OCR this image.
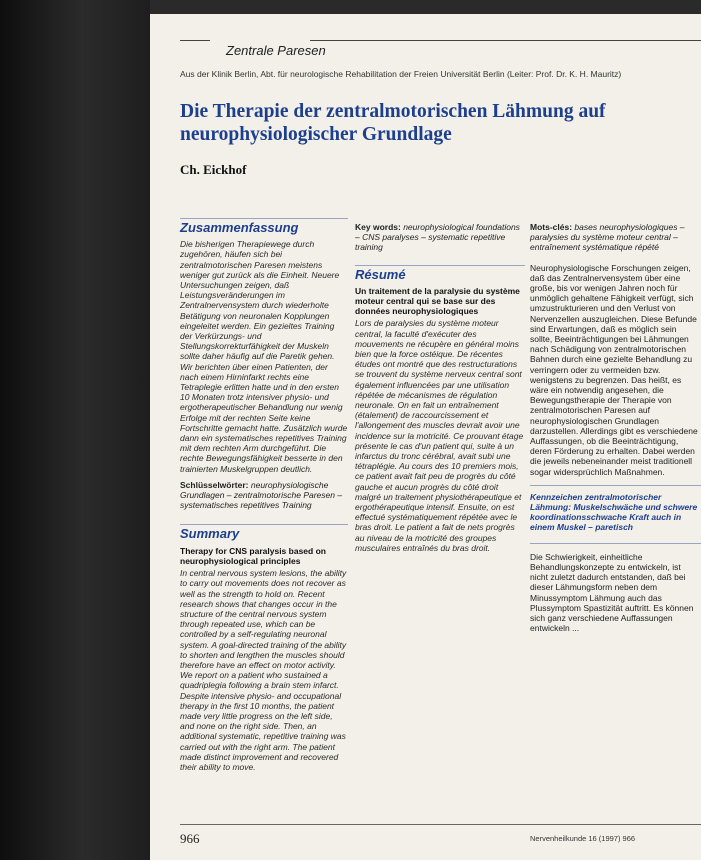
Zentrale Paresen
Aus der Klinik Berlin, Abt. für neurologische Rehabilitation der Freien Universität Berlin (Leiter: Prof. Dr. K. H. Mauritz)
Die Therapie der zentralmotorischen Lähmung auf neurophysiologischer Grundlage
Ch. Eickhof
Zusammenfassung

Die bisherigen Therapiewege durch zugehören, häufen sich bei zentralmotorischen Paresen meistens weniger gut zurück als die Einheit. Neuere Untersuchungen zeigen, daß Leistungsveränderungen im Zentralnervensystem durch wiederholte Betätigung von neuronalen Kopplungen eingeleitet werden. Ein gezieltes Training der Verkürzungs- und Stellungskorrekturfähigkeit der Muskeln sollte daher häufig auf die Paretik gehen. Wir berichten über einen Patienten, der nach einem Hirninfarkt rechts eine Tetraplegie erlitten hatte und in den ersten 10 Monaten trotz intensiver physio- und ergotherapeutischer Behandlung nur wenig Erfolge mit der rechten Seite keine Fortschritte gemacht hatte. Zusätzlich wurde dann ein systematisches repetitives Training mit dem rechten Arm durchgeführt. Die rechte Bewegungsfähigkeit besserte in den trainierten Muskelgruppen deutlich.

Schlüsselwörter: neurophysiologische Grundlagen – zentralmotorische Paresen – systematisches repetitives Training

Summary

Therapy for CNS paralysis based on neurophysiological principles

In central nervous system lesions, the ability to carry out movements does not recover as well as the strength to hold on. Recent research shows that changes occur in the structure of the central nervous system through repeated use, which can be controlled by a self-regulating neuronal system. A goal-directed training of the ability to shorten and lengthen the muscles should therefore have an effect on motor activity. We report on a patient who sustained a quadriplegia following a brain stem infarct. Despite intensive physio- and occupational therapy in the first 10 months, the patient made very little progress on the left side, and none on the right side. Then, an additional systematic, repetitive training was carried out with the right arm. The patient made distinct improvement and recovered their ability to move.

Key words: neurophysiological foundations – CNS paralyses – systematic repetitive training

Résumé

Un traitement de la paralysie du système moteur central qui se base sur des données neurophysiologiques

Lors de paralysies du système moteur central, la faculté d'exécuter des mouvements ne récupère en général moins bien que la force ostéique. De récentes études ont montré que des restructurations se trouvent du système nerveux central sont également influencées par une utilisation répétée de mécanismes de régulation neuronale. On en fait un entraînement (étalement) de raccourcissement et l'allongement des muscles devrait avoir une incidence sur la motricité. Ce prouvant étage présente le cas d'un patient qui, suite à un infarctus du tronc cérébral, avait subi une tétraplégie. Au cours des 10 premiers mois, ce patient avait fait peu de progrès du côté gauche et aucun progrès du côté droit malgré un traitement physiothérapeutique et ergothérapeutique intensif. Ensuite, on est effectué systématiquement répétée avec le bras droit. Le patient a fait de nets progrès au niveau de la motricité des groupes musculaires entraînés du bras droit.

Mots-clés: bases neurophysiologiques – paralysies du système moteur central – entraînement systématique répété

Neurophysiologische Forschungen zeigen, daß das Zentralnervensystem über eine große, bis vor wenigen Jahren noch für unmöglich gehaltene Fähigkeit verfügt, sich umzustrukturieren und den Verlust von Nervenzellen auszugleichen. Diese Befunde sind Erwartungen, daß es möglich sein sollte, Beeinträchtigungen bei Lähmungen nach Schädigung von zentralmotorischen Bahnen durch eine gezielte Behandlung zu verringern oder zu vermeiden bzw. wenigstens zu begrenzen. Das heißt, es wäre ein notwendig angesehen, die Bewegungstherapie der Therapie von zentralmotorischen Paresen auf neurophysiologischen Grundlagen darzustellen. Allerdings gibt es verschiedene Auffassungen, ob die Beeinträchtigung, deren Förderung zu erhalten. Dabei werden die jeweils nebeneinander meist traditionell sogar widersprüchlich Maßnahmen.

Kennzeichen zentralmotorischer Lähmung: Muskelschwäche und schwere koordinationsschwache Kraft auch in einem Muskel – paretisch

Die Schwierigkeit, einheitliche Behandlungskonzepte zu entwickeln, ist nicht zuletzt dadurch entstanden, daß bei dieser Lähmungsform neben dem Minussymptom Lähmung auch das Plussymptom Spastizität auftritt. Es können sich ganz verschiedene Auffassungen entwickeln ...

966	Nervenheilkunde 16 (1997) 966
